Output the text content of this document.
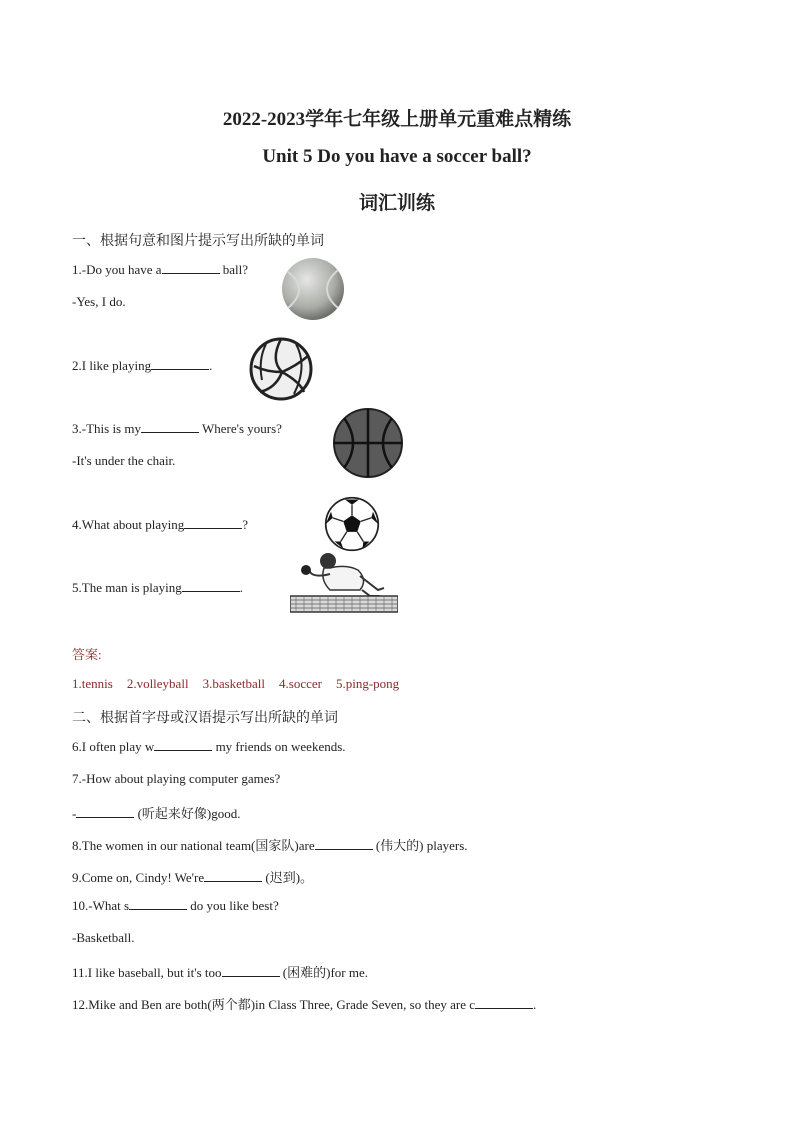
2022-2023学年七年级上册单元重难点精练
Unit 5 Do you have a soccer ball?
词汇训练
一、根据句意和图片提示写出所缺的单词
1.-Do you have a	ball?
-Yes, I do.
2.I like playing	.
3.-This is my	Where's yours?
-It's under the chair.
4.What about playing	?
5.The man is playing	.
答案:
1.tennis 2.volleyball 3.basketball 4.soccer 5.ping-pong
二、根据首字母或汉语提示写出所缺的单词
6.I often play w	my friends on weekends.
7.-How about playing computer games?
-	(听起来好像)good.
8.The women in our national team(国家队)are	(伟大的) players.
9.Come on, Cindy! We're	(迟到)。
10.-What s	do you like best?
-Basketball.
11.I like baseball, but it's too	(困难的)for me.
12.Mike and Ben are both(两个都)in Class Three, Grade Seven, so they are c	.
